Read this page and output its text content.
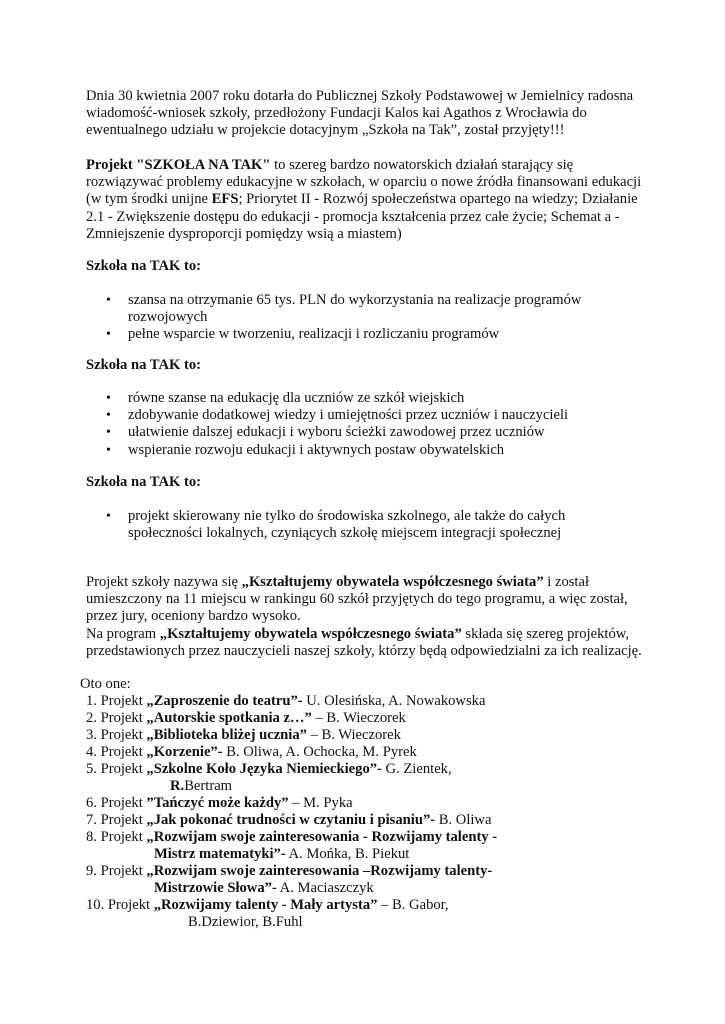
Dnia 30 kwietnia 2007 roku dotarła do Publicznej Szkoły Podstawowej w Jemielnicy radosna wiadomość-wniosek szkoły, przedłożony Fundacji Kalos kai Agathos z Wrocławia do ewentualnego udziału w projekcie dotacyjnym „Szkoła na Tak”, został przyjęty!!!

Projekt "SZKOŁA NA TAK" to szereg bardzo nowatorskich działań starający się rozwiązywać problemy edukacyjne w szkołach, w oparciu o nowe źródła finansowani edukacji (w tym środki unijne EFS; Priorytet II - Rozwój społeczeństwa opartego na wiedzy; Działanie 2.1 - Zwiększenie dostępu do edukacji - promocja kształcenia przez całe życie; Schemat a - Zmniejszenie dysproporcji pomiędzy wsią a miastem)

Szkoła na TAK to:

• szansa na otrzymanie 65 tys. PLN do wykorzystania na realizacje programów rozwojowych
• pełne wsparcie w tworzeniu, realizacji i rozliczaniu programów

Szkoła na TAK to:

• równe szanse na edukację dla uczniów ze szkół wiejskich
• zdobywanie dodatkowej wiedzy i umiejętności przez uczniów i nauczycieli
• ułatwienie dalszej edukacji i wyboru ścieżki zawodowej przez uczniów
• wspieranie rozwoju edukacji i aktywnych postaw obywatelskich

Szkoła na TAK to:

• projekt skierowany nie tylko do środowiska szkolnego, ale także do całych społeczności lokalnych, czyniących szkołę miejscem integracji społecznej

Projekt szkoły nazywa się „Kształtujemy obywatela współczesnego świata” i został umieszczony na 11 miejscu w rankingu 60 szkół przyjętych do tego programu, a więc został, przez jury, oceniony bardzo wysoko.

Na program „Kształtujemy obywatela współczesnego świata” składa się szereg projektów, przedstawionych przez nauczycieli naszej szkoły, którzy będą odpowiedzialni za ich realizację.

Oto one:

1. Projekt „Zaproszenie do teatru”- U. Olesińska, A. Nowakowska

2. Projekt „Autorskie spotkania z…” – B. Wieczorek

3. Projekt „Biblioteka bliżej ucznia” – B. Wieczorek

4. Projekt „Korzenie”- B. Oliwa, A. Ochocka, M. Pyrek

5. Projekt „Szkolne Koło Języka Niemieckiego”- G. Zientek,

R.Bertram

6. Projekt ”Tańczyć może każdy” – M. Pyka

7. Projekt „Jak pokonać trudności w czytaniu i pisaniu”- B. Oliwa

8. Projekt „Rozwijam swoje zainteresowania - Rozwijamy talenty -

Mistrz matematyki”- A. Mońka, B. Piekut

9. Projekt „Rozwijam swoje zainteresowania –Rozwijamy talenty-

Mistrzowie Słowa”- A. Maciaszczyk

10. Projekt „Rozwijamy talenty - Mały artysta” – B. Gabor,

B.Dziewior, B.Fuhl
